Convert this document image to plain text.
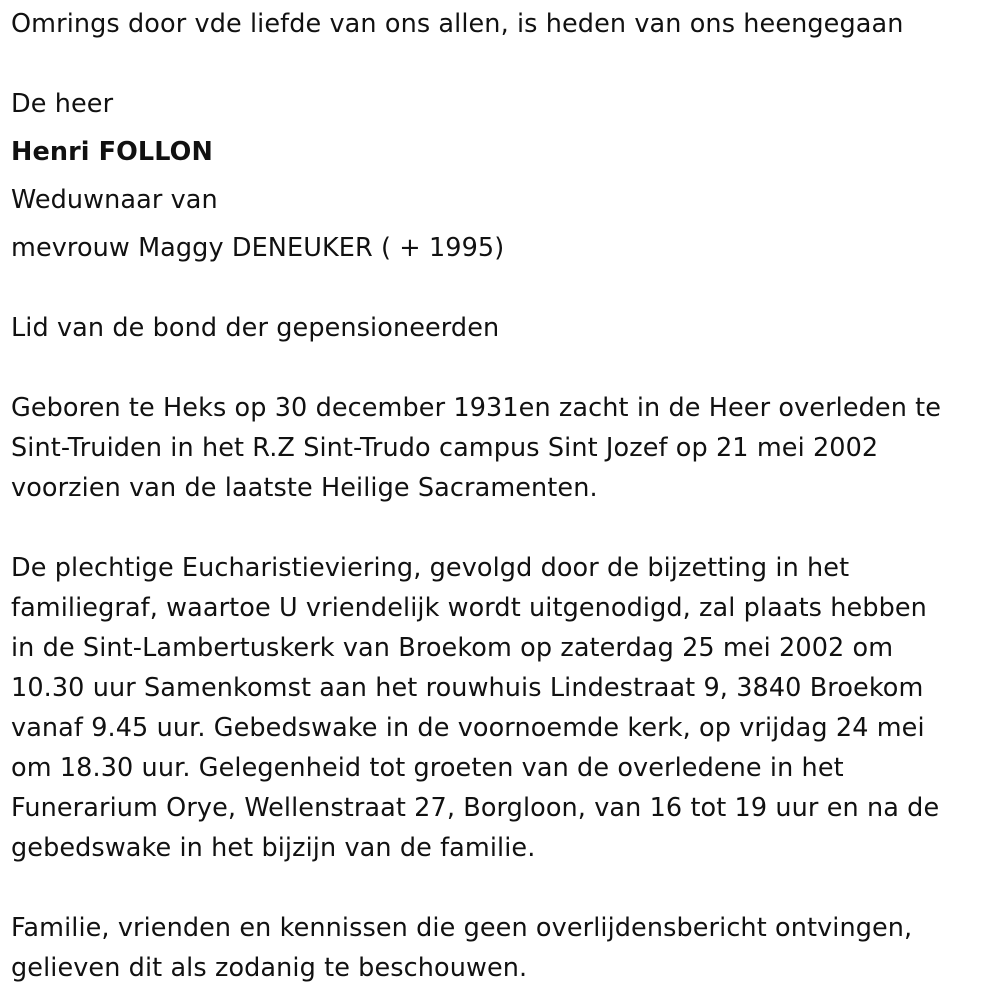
Omrings door vde liefde van ons allen, is heden van ons heengegaan
De heer
Henri FOLLON
Weduwnaar van
mevrouw Maggy DENEUKER ( + 1995)
Lid van de bond der gepensioneerden
Geboren te Heks op 30 december 1931en zacht in de Heer overleden te
Sint-Truiden in het R.Z Sint-Trudo campus Sint Jozef op 21 mei 2002
voorzien van de laatste Heilige Sacramenten.
De plechtige Eucharistieviering, gevolgd door de bijzetting in het
familiegraf, waartoe U vriendelijk wordt uitgenodigd, zal plaats hebben
in de Sint-Lambertuskerk van Broekom op zaterdag 25 mei 2002 om
10.30 uur Samenkomst aan het rouwhuis Lindestraat 9, 3840 Broekom
vanaf 9.45 uur. Gebedswake in de voornoemde kerk, op vrijdag 24 mei
om 18.30 uur. Gelegenheid tot groeten van de overledene in het
Funerarium Orye, Wellenstraat 27, Borgloon, van 16 tot 19 uur en na de
gebedswake in het bijzijn van de familie.
Familie, vrienden en kennissen die geen overlijdensbericht ontvingen,
gelieven dit als zodanig te beschouwen.
